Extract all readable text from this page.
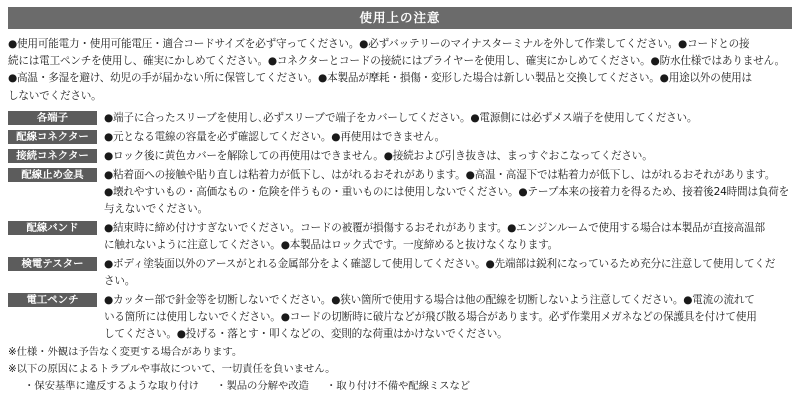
使用上の注意
●使用可能電力・使用可能電圧・適合コードサイズを必ず守ってください。●必ずバッテリーのマイナスターミナルを外して作業してください。●コードとの接
続には電工ペンチを使用し、確実にかしめてください。●コネクターとコードの接続にはプライヤーを使用し、確実にかしめてください。●防水仕様ではありません。
●高温・多湿を避け、幼児の手が届かない所に保管してください。●本製品が摩耗・損傷・変形した場合は新しい製品と交換してください。●用途以外の使用は
しないでください。
各端子	●端子に合ったスリーブを使用し､必ずスリーブで端子をカバーしてください。●電源側には必ずメス端子を使用してください。
配線コネクター	●元となる電線の容量を必ず確認してください。●再使用はできません。
接続コネクター	●ロック後に黄色カバーを解除しての再使用はできません。●接続および引き抜きは、まっすぐおこなってください。
配線止め金具	●粘着面への接触や貼り直しは粘着力が低下し、はがれるおそれがあります。●高温・高湿下では粘着力が低下し、はがれるおそれがあります。
●壊れやすいもの・高価なもの・危険を伴うもの・重いものには使用しないでください。●テープ本来の接着力を得るため、接着後24時間は負荷を
与えないでください。
配線バンド	●結束時に締め付けすぎないでください。コードの被覆が損傷するおそれがあります。●エンジンルームで使用する場合は本製品が直接高温部
に触れないように注意してください。●本製品はロック式です。一度締めると抜けなくなります。
検電テスター	●ボディ塗装面以外のアースがとれる金属部分をよく確認して使用してください。●先端部は鋭利になっているため充分に注意して使用してくだ
さい。
電工ペンチ	●カッター部で針金等を切断しないでください。●狭い箇所で使用する場合は他の配線を切断しないよう注意してください。●電流の流れて
いる箇所には使用しないでください。●コードの切断時に破片などが飛び散る場合があります。必ず作業用メガネなどの保護具を付けて使用
してください。●投げる・落とす・叩くなどの、変則的な荷重はかけないでください。
※仕様・外観は予告なく変更する場合があります。
※以下の原因によるトラブルや事故について、一切責任を負いません。
・保安基準に違反するような取り付け ・製品の分解や改造 ・取り付け不備や配線ミスなど
